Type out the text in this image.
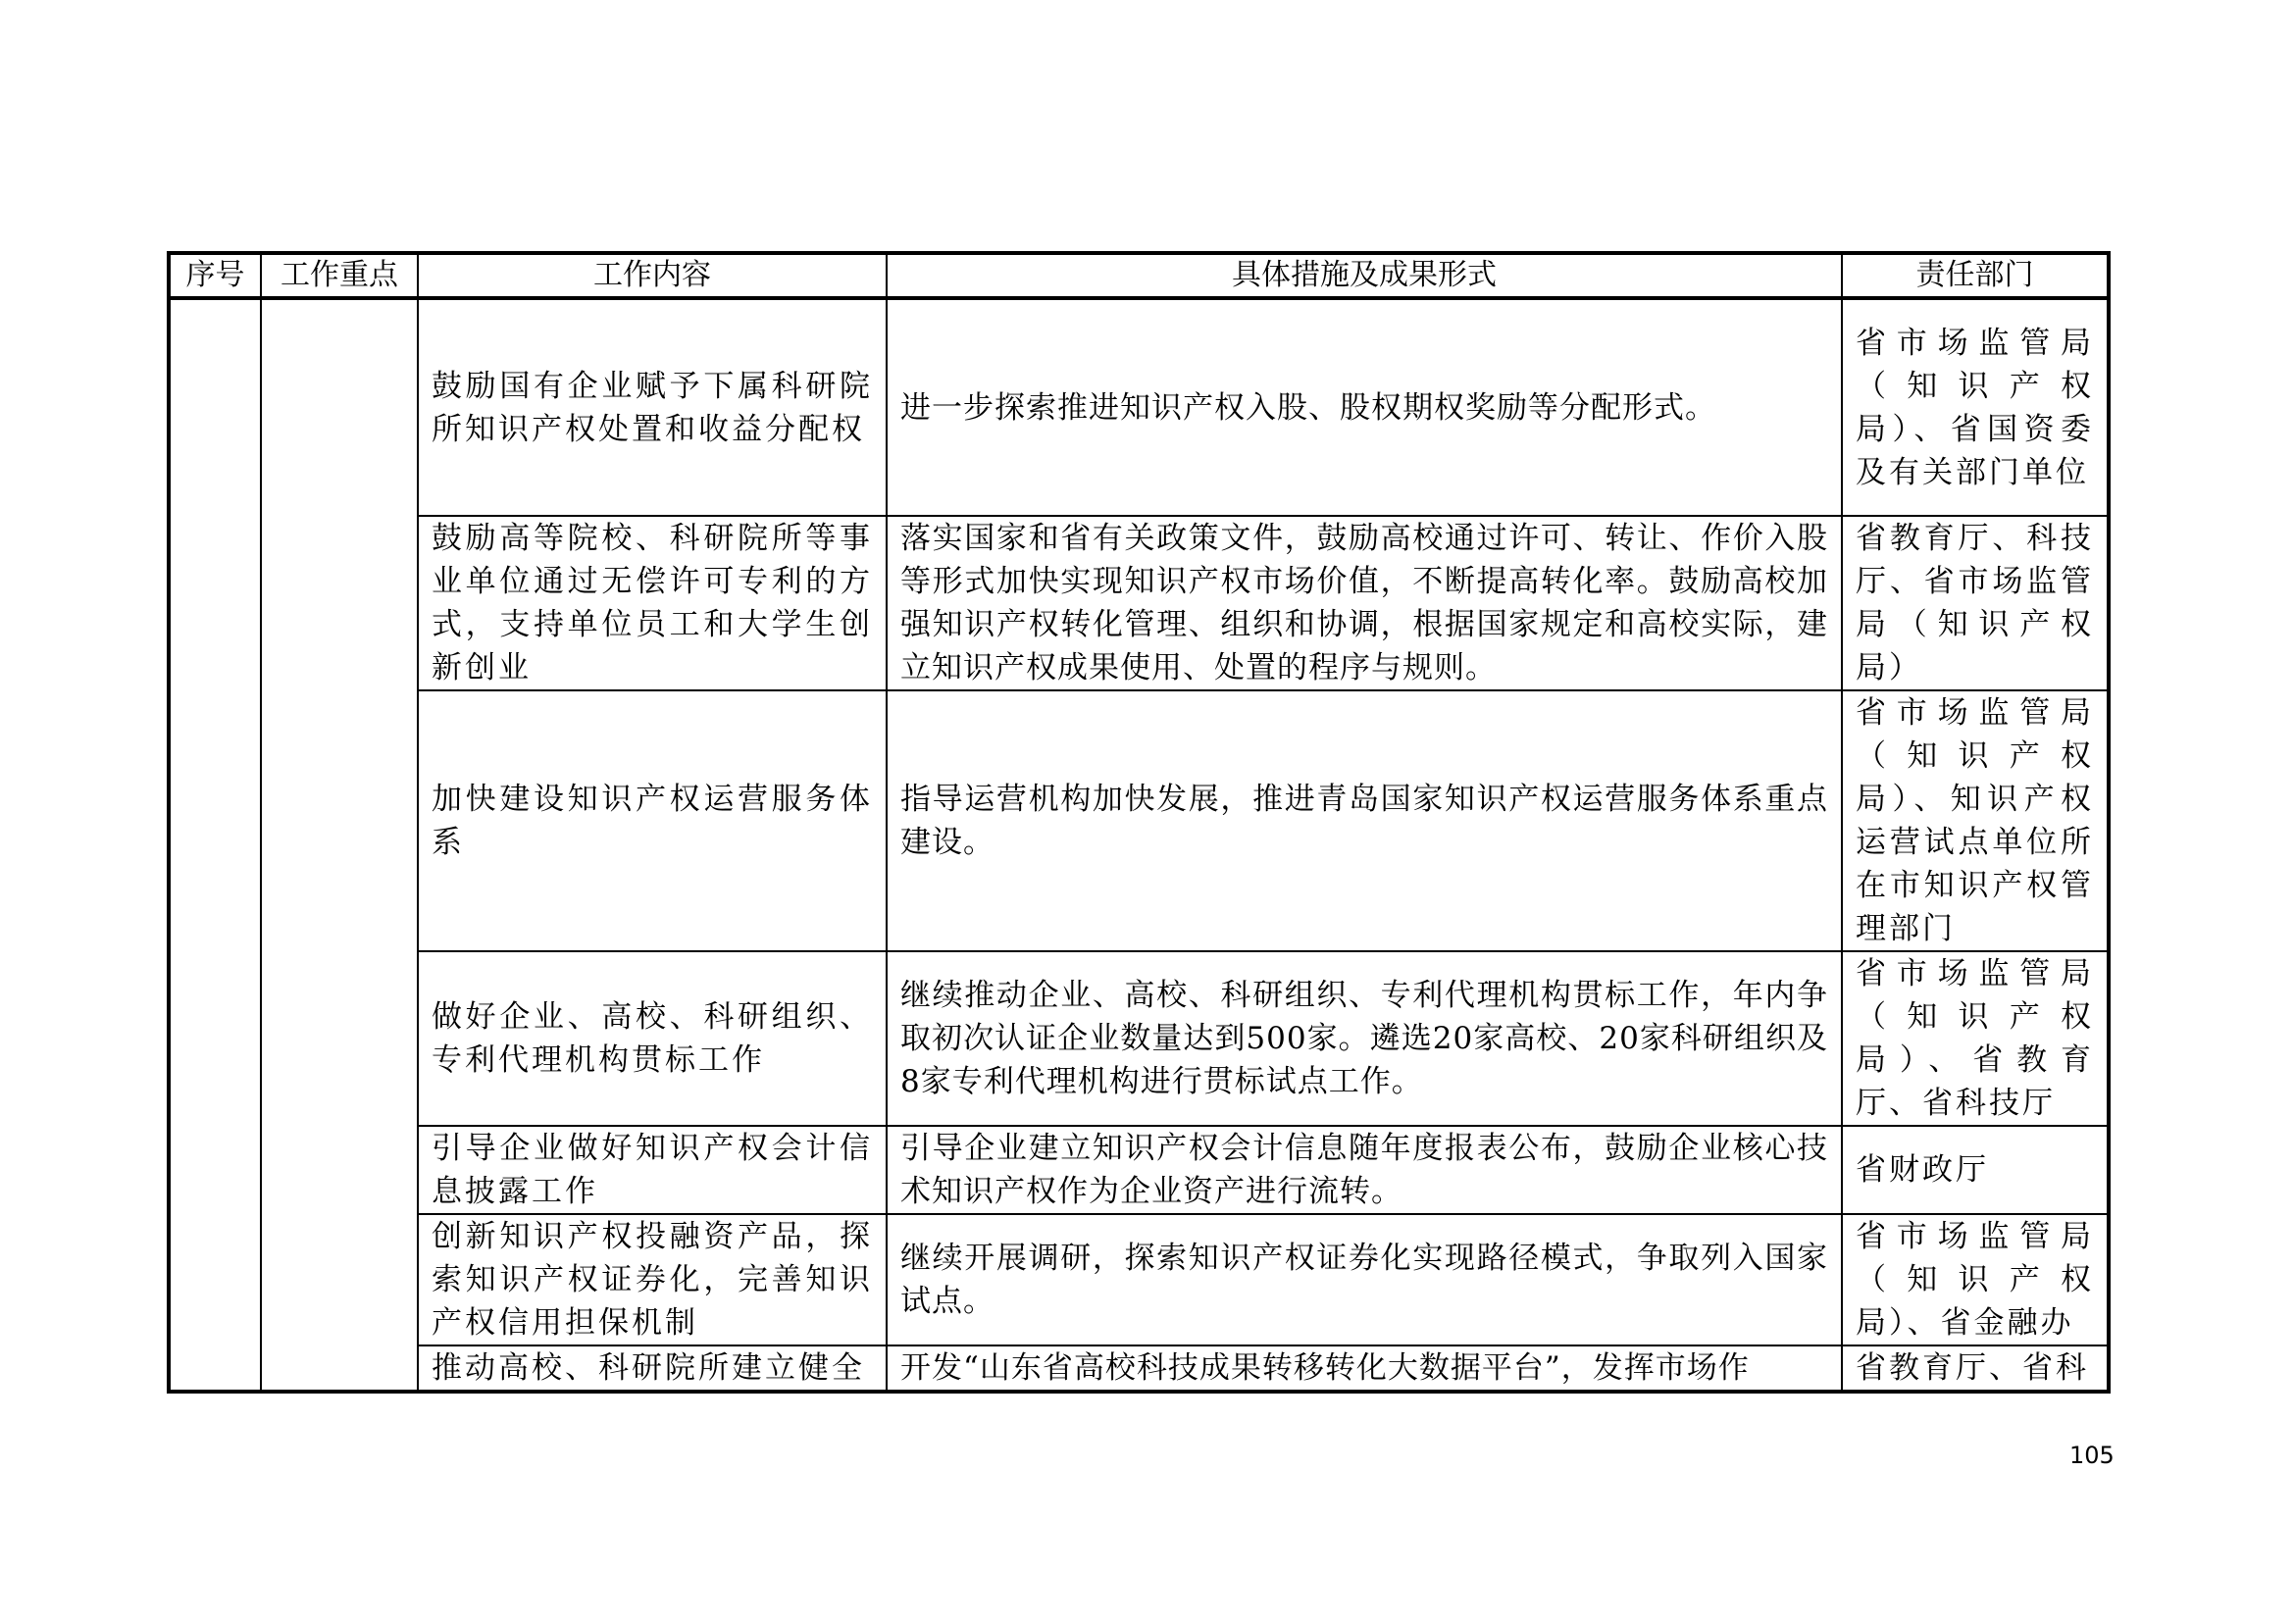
序号	工作重点	工作内容	具体措施及成果形式	责任部门
		鼓励国有企业赋予下属科研院所知识产权处置和收益分配权	进一步探索推进知识产权入股、股权期权奖励等分配形式。	省市场监管局（知识产权局）、省国资委及有关部门单位
		鼓励高等院校、科研院所等事业单位通过无偿许可专利的方式，支持单位员工和大学生创新创业	落实国家和省有关政策文件，鼓励高校通过许可、转让、作价入股等形式加快实现知识产权市场价值，不断提高转化率。鼓励高校加强知识产权转化管理、组织和协调，根据国家规定和高校实际，建立知识产权成果使用、处置的程序与规则。	省教育厅、科技厅、省市场监管局（知识产权局）
		加快建设知识产权运营服务体系	指导运营机构加快发展，推进青岛国家知识产权运营服务体系重点建设。	省市场监管局（知识产权局）、知识产权运营试点单位所在市知识产权管理部门
		做好企业、高校、科研组织、专利代理机构贯标工作	继续推动企业、高校、科研组织、专利代理机构贯标工作，年内争取初次认证企业数量达到500家。遴选20家高校、20家科研组织及8家专利代理机构进行贯标试点工作。	省市场监管局（知识产权局）、省教育厅、省科技厅
		引导企业做好知识产权会计信息披露工作	引导企业建立知识产权会计信息随年度报表公布，鼓励企业核心技术知识产权作为企业资产进行流转。	省财政厅
		创新知识产权投融资产品，探索知识产权证券化，完善知识产权信用担保机制	继续开展调研，探索知识产权证券化实现路径模式，争取列入国家试点。	省市场监管局（知识产权局）、省金融办
		推动高校、科研院所建立健全	开发“山东省高校科技成果转移转化大数据平台”，发挥市场作	省教育厅、省科
105
